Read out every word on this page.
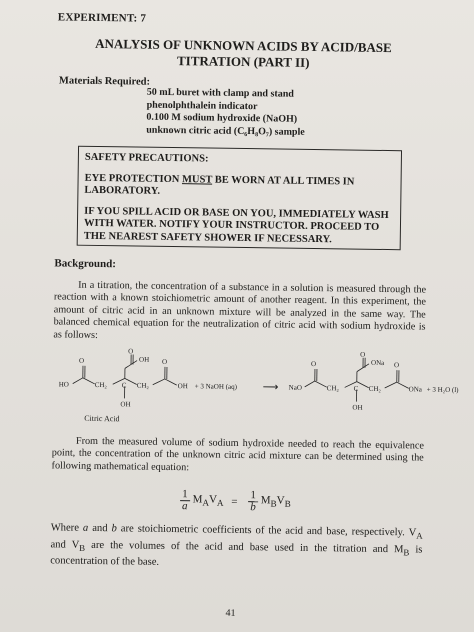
EXPERIMENT: 7
ANALYSIS OF UNKNOWN ACIDS BY ACID/BASE
TITRATION (PART II)
Materials Required:
50 mL buret with clamp and stand
phenolphthalein indicator
0.100 M sodium hydroxide (NaOH)
unknown citric acid (C₆H₈O₇) sample
SAFETY PRECAUTIONS:
EYE PROTECTION MUST BE WORN AT ALL TIMES IN LABORATORY.
IF YOU SPILL ACID OR BASE ON YOU, IMMEDIATELY WASH WITH WATER. NOTIFY YOUR INSTRUCTOR. PROCEED TO THE NEAREST SAFETY SHOWER IF NECESSARY.
Background:
In a titration, the concentration of a substance in a solution is measured through the reaction with a known stoichiometric amount of another reagent. In this experiment, the amount of citric acid in an unknown mixture will be analyzed in the same way. The balanced chemical equation for the neutralization of citric acid with sodium hydroxide is as follows:
O
O
OH O
HO	CH₂ C CH₂	OH
OH
+ 3 NaOH (aq) ⟶
O
O
ONa O
NaO	CH₂ C CH₂	ONa
OH
+ 3 H₂O (l)
Citric Acid
From the measured volume of sodium hydroxide needed to reach the equivalence point, the concentration of the unknown citric acid mixture can be determined using the following mathematical equation:
$\frac{1}{a} M_AV_A = \frac{1}{b} M_BV_B$
Where a and b are stoichiometric coefficients of the acid and base, respectively. $V_A$ and $V_B$ are the volumes of the acid and base used in the titration and $M_B$ is concentration of the base.
41
